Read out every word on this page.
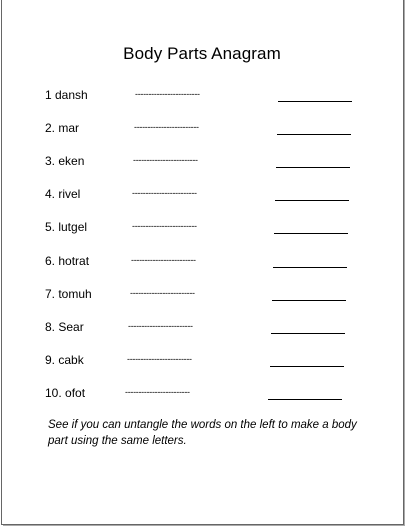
Body Parts Anagram
1 dansh	------------------------
2. mar	------------------------
3. eken	------------------------
4. rivel	------------------------
5. lutgel	------------------------
6. hotrat	------------------------
7. tomuh	------------------------
8. Sear	------------------------
9. cabk	------------------------
10. ofot	------------------------
See if you can untangle the words on the left to make a body part using the same letters.
